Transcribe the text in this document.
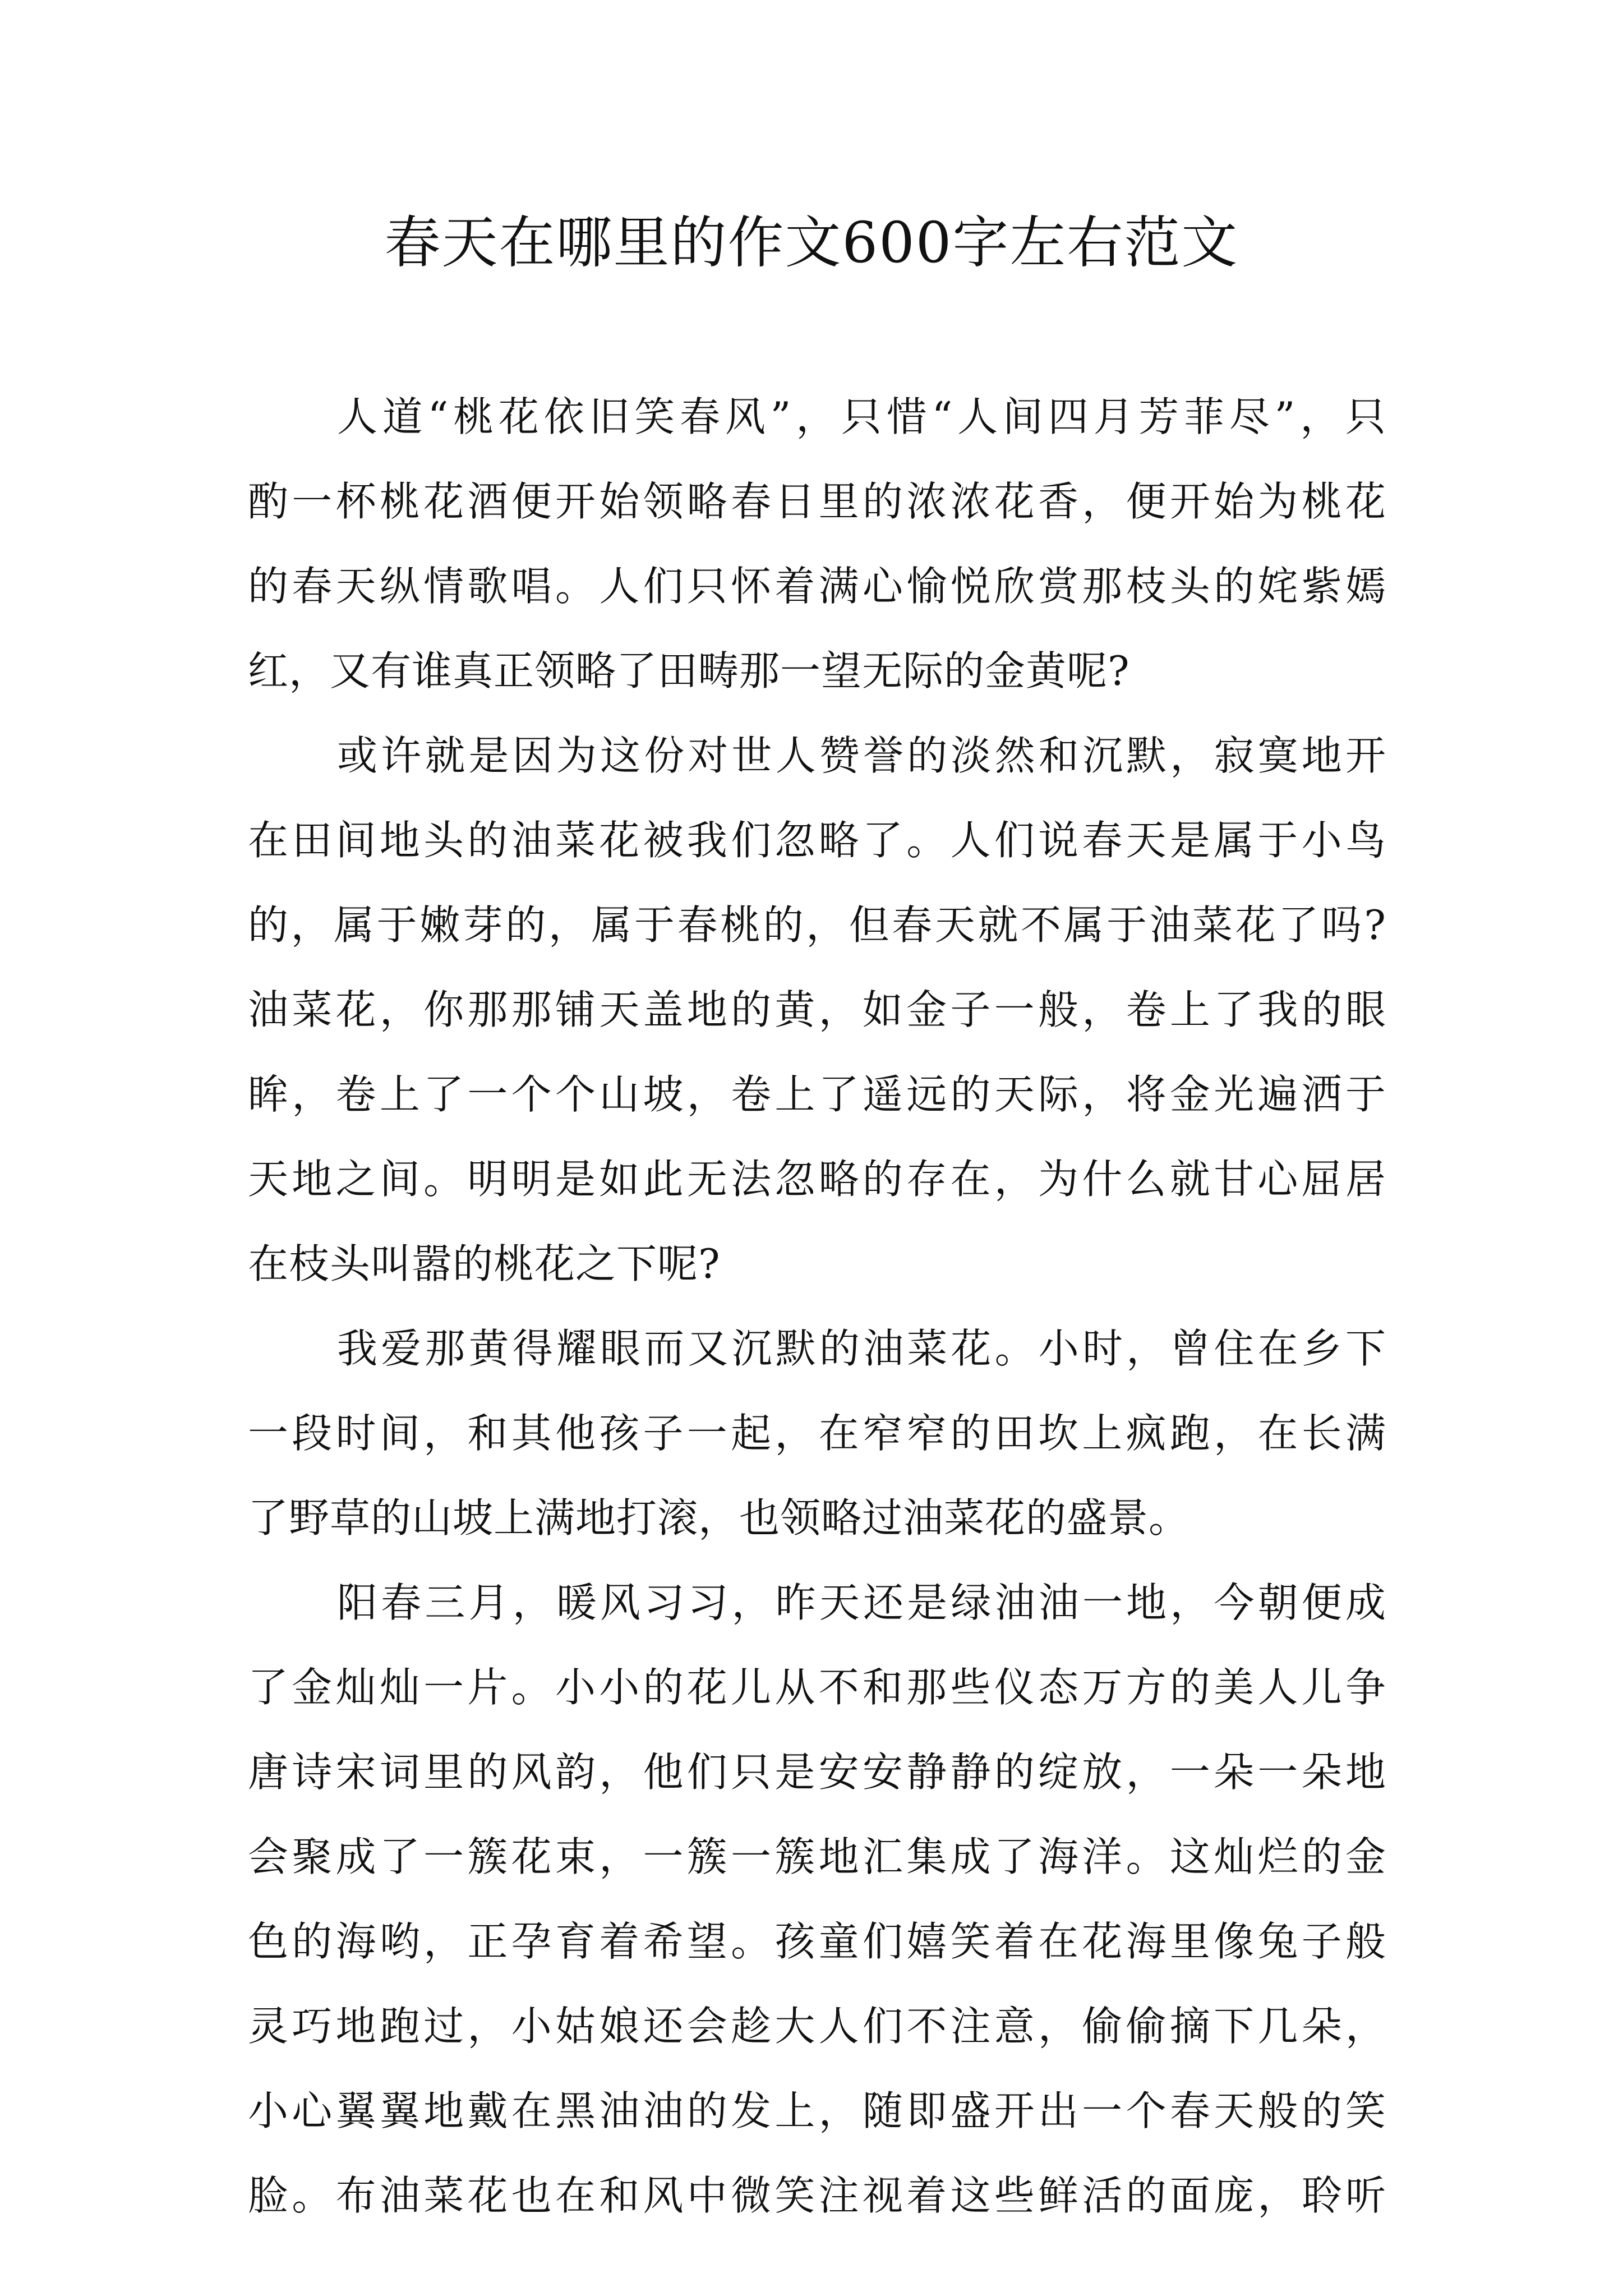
春天在哪里的作文600字左右范文
人道“桃花依旧笑春风”，只惜“人间四月芳菲尽”，只
酌一杯桃花酒便开始领略春日里的浓浓花香，便开始为桃花
的春天纵情歌唱。人们只怀着满心愉悦欣赏那枝头的姹紫嫣
红，又有谁真正领略了田畴那一望无际的金黄呢?
或许就是因为这份对世人赞誉的淡然和沉默，寂寞地开
在田间地头的油菜花被我们忽略了。人们说春天是属于小鸟
的，属于嫩芽的，属于春桃的，但春天就不属于油菜花了吗?
油菜花，你那那铺天盖地的黄，如金子一般，卷上了我的眼
眸，卷上了一个个山坡，卷上了遥远的天际，将金光遍洒于
天地之间。明明是如此无法忽略的存在，为什么就甘心屈居
在枝头叫嚣的桃花之下呢?
我爱那黄得耀眼而又沉默的油菜花。小时，曾住在乡下
一段时间，和其他孩子一起，在窄窄的田坎上疯跑，在长满
了野草的山坡上满地打滚，也领略过油菜花的盛景。
阳春三月，暖风习习，昨天还是绿油油一地，今朝便成
了金灿灿一片。小小的花儿从不和那些仪态万方的美人儿争
唐诗宋词里的风韵，他们只是安安静静的绽放，一朵一朵地
会聚成了一簇花束，一簇一簇地汇集成了海洋。这灿烂的金
色的海哟，正孕育着希望。孩童们嬉笑着在花海里像兔子般
灵巧地跑过，小姑娘还会趁大人们不注意，偷偷摘下几朵，
小心翼翼地戴在黑油油的发上，随即盛开出一个春天般的笑
脸。布油菜花也在和风中微笑注视着这些鲜活的面庞，聆听
